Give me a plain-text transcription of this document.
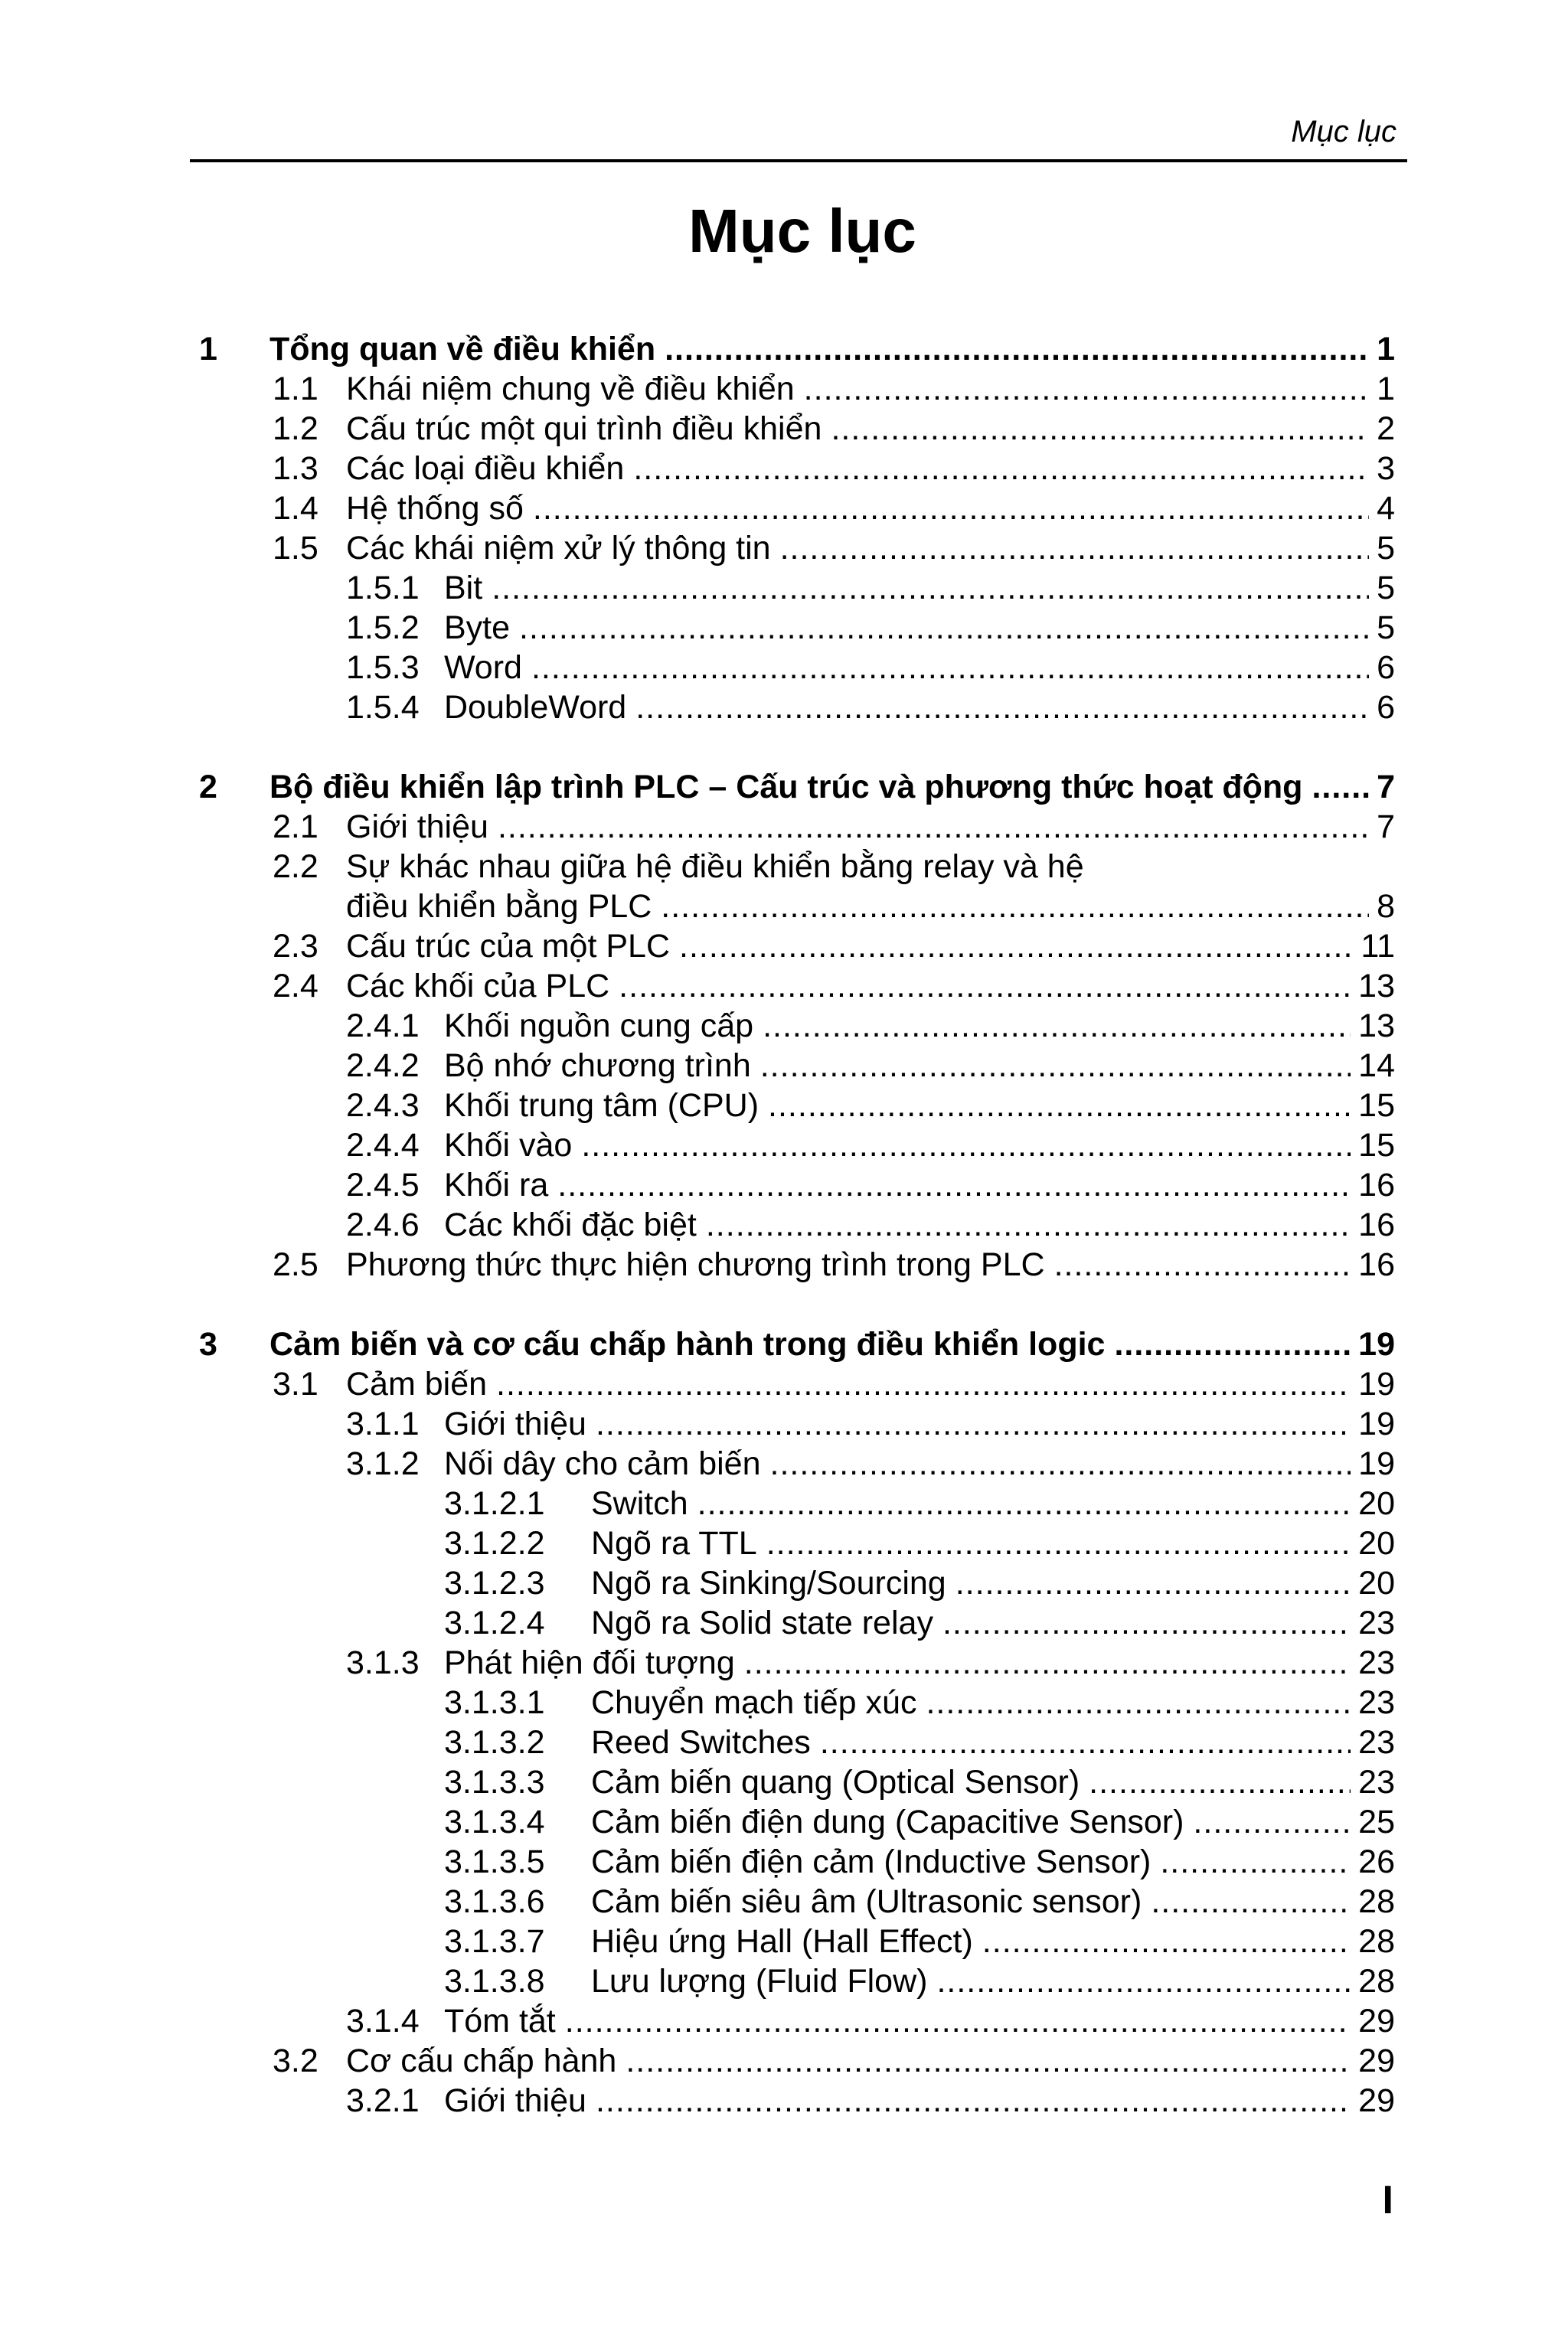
Mục lục
Mục lục
1	Tổng quan về điều khiển .....	1
1.1 Khái niệm chung về điều khiển .....	1
1.2 Cấu trúc một qui trình điều khiển .....	2
1.3 Các loại điều khiển .....	3
1.4 Hệ thống số .....	4
1.5 Các khái niệm xử lý thông tin .....	5
1.5.1 Bit .....	5
1.5.2 Byte .....	5
1.5.3 Word .....	6
1.5.4 DoubleWord .....	6
2	Bộ điều khiển lập trình PLC – Cấu trúc và phương thức hoạt động ..... 7
2.1 Giới thiệu .....	7
2.2 Sự khác nhau giữa hệ điều khiển bằng relay và hệ
điều khiển bằng PLC .....	8
2.3 Cấu trúc của một PLC .....	11
2.4 Các khối của PLC .....	13
2.4.1 Khối nguồn cung cấp .....	13
2.4.2 Bộ nhớ chương trình .....	14
2.4.3 Khối trung tâm (CPU) .....	15
2.4.4 Khối vào .....	15
2.4.5 Khối ra .....	16
2.4.6 Các khối đặc biệt .....	16
2.5 Phương thức thực hiện chương trình trong PLC .....	16
3	Cảm biến và cơ cấu chấp hành trong điều khiển logic .....	19
3.1 Cảm biến .....	19
3.1.1 Giới thiệu .....	19
3.1.2 Nối dây cho cảm biến .....	19
3.1.2.1	Switch .....	20
3.1.2.2	Ngõ ra TTL .....	20
3.1.2.3	Ngõ ra Sinking/Sourcing .....	20
3.1.2.4	Ngõ ra Solid state relay .....	23
3.1.3 Phát hiện đối tượng .....	23
3.1.3.1	Chuyển mạch tiếp xúc .....	23
3.1.3.2	Reed Switches .....	23
3.1.3.3	Cảm biến quang (Optical Sensor) .....	23
3.1.3.4	Cảm biến điện dung (Capacitive Sensor) .....	25
3.1.3.5	Cảm biến điện cảm (Inductive Sensor) .....	26
3.1.3.6	Cảm biến siêu âm (Ultrasonic sensor) .....	28
3.1.3.7	Hiệu ứng Hall (Hall Effect) .....	28
3.1.3.8	Lưu lượng (Fluid Flow) .....	28
3.1.4 Tóm tắt .....	29
3.2 Cơ cấu chấp hành .....	29
3.2.1 Giới thiệu .....	29
I
